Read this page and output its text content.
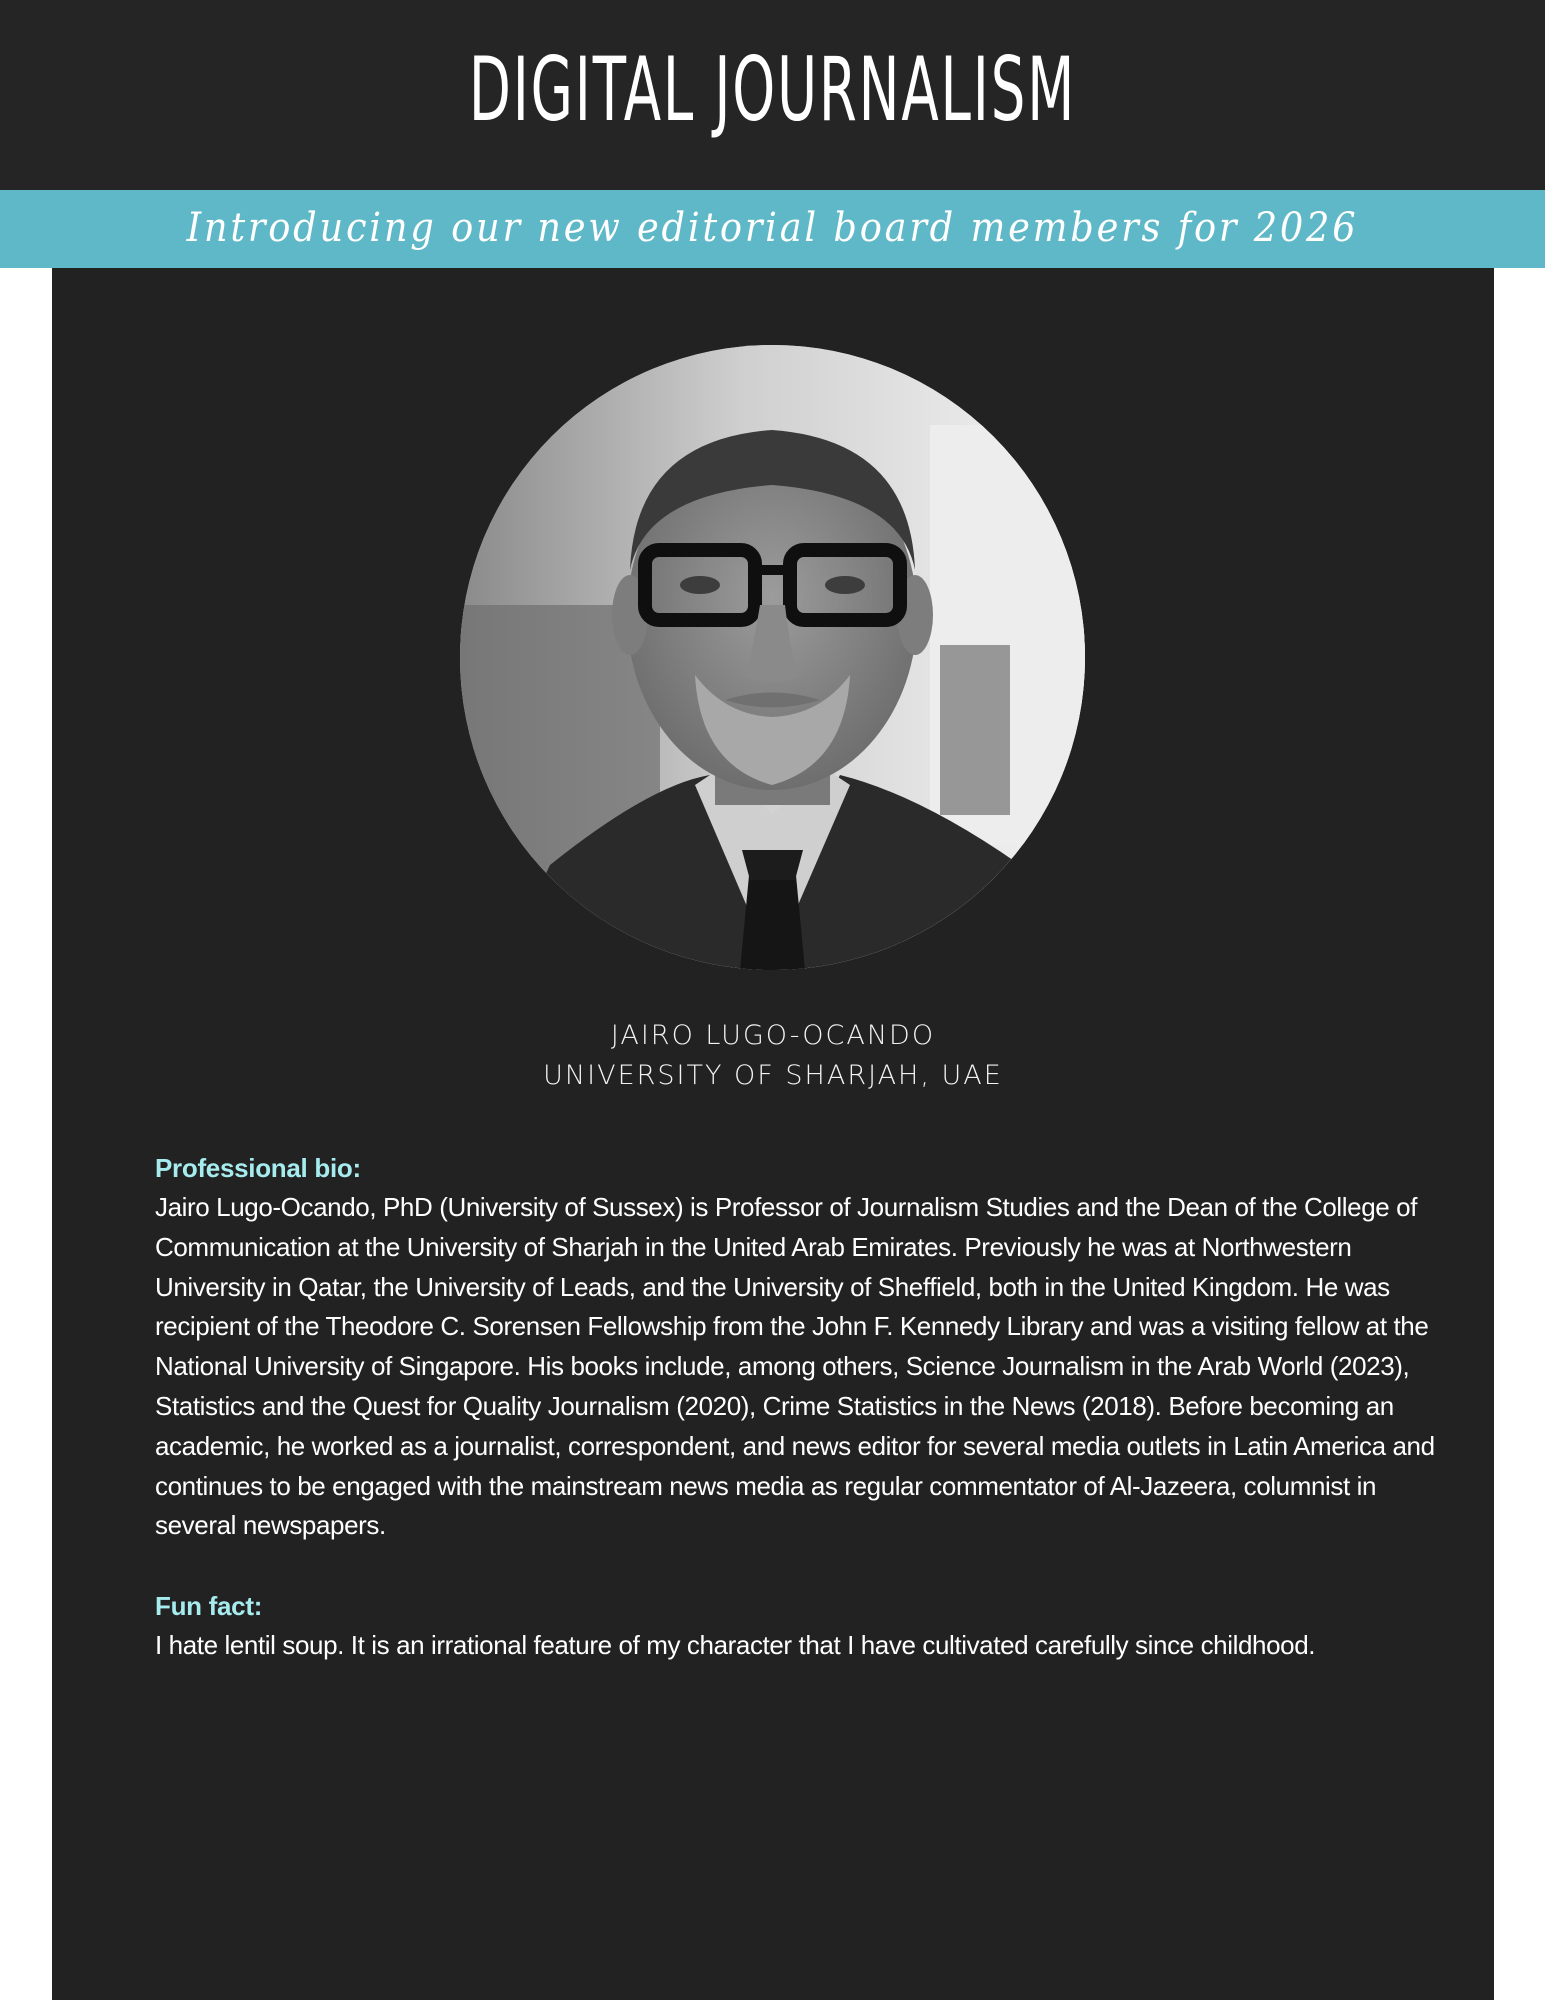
DIGITAL JOURNALISM
Introducing our new editorial board members for 2026
JAIRO LUGO-OCANDO
UNIVERSITY OF SHARJAH, UAE
Professional bio:
Jairo Lugo-Ocando, PhD (University of Sussex) is Professor of Journalism Studies and the Dean of the College of Communication at the University of Sharjah in the United Arab Emirates. Previously he was at Northwestern University in Qatar, the University of Leads, and the University of Sheffield, both in the United Kingdom. He was recipient of the Theodore C. Sorensen Fellowship from the John F. Kennedy Library and was a visiting fellow at the National University of Singapore. His books include, among others, Science Journalism in the Arab World (2023), Statistics and the Quest for Quality Journalism (2020), Crime Statistics in the News (2018). Before becoming an academic, he worked as a journalist, correspondent, and news editor for several media outlets in Latin America and continues to be engaged with the mainstream news media as regular commentator of Al-Jazeera, columnist in several newspapers.
Fun fact:
I hate lentil soup. It is an irrational feature of my character that I have cultivated carefully since childhood.
